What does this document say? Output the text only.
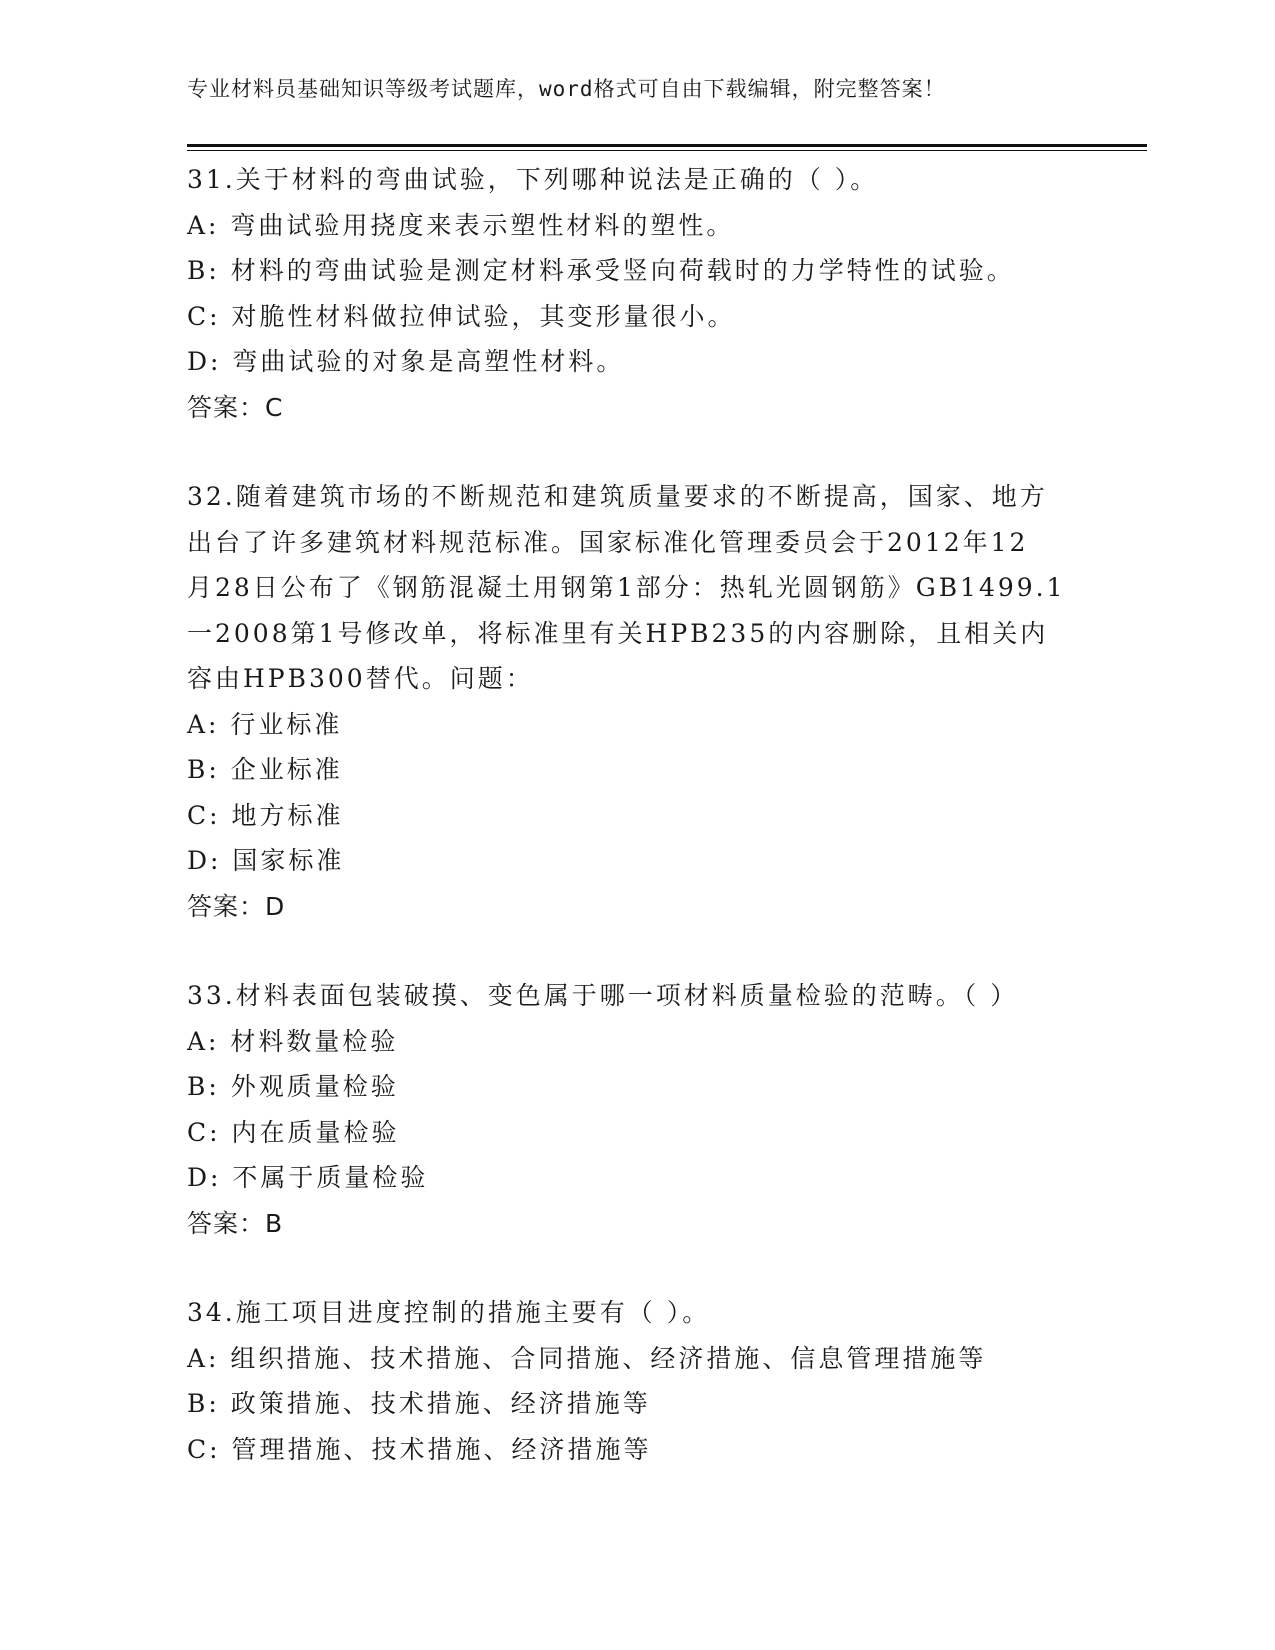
专业材料员基础知识等级考试题库，word格式可自由下载编辑，附完整答案！
31.关于材料的弯曲试验，下列哪种说法是正确的（ ）。
A: 弯曲试验用挠度来表示塑性材料的塑性。
B: 材料的弯曲试验是测定材料承受竖向荷载时的力学特性的试验。
C: 对脆性材料做拉伸试验，其变形量很小。
D: 弯曲试验的对象是高塑性材料。
答案：C
32.随着建筑市场的不断规范和建筑质量要求的不断提高，国家、地方
出台了许多建筑材料规范标准。国家标准化管理委员会于2012年12
月28日公布了《钢筋混凝土用钢第1部分：热轧光圆钢筋》GB1499.1
一2008第1号修改单，将标准里有关HPB235的内容删除，且相关内
容由HPB300替代。问题：
A: 行业标准
B: 企业标准
C: 地方标准
D: 国家标准
答案：D
33.材料表面包装破摸、变色属于哪一项材料质量检验的范畴。（ ）
A: 材料数量检验
B: 外观质量检验
C: 内在质量检验
D: 不属于质量检验
答案：B
34.施工项目进度控制的措施主要有（ ）。
A: 组织措施、技术措施、合同措施、经济措施、信息管理措施等
B: 政策措施、技术措施、经济措施等
C: 管理措施、技术措施、经济措施等
